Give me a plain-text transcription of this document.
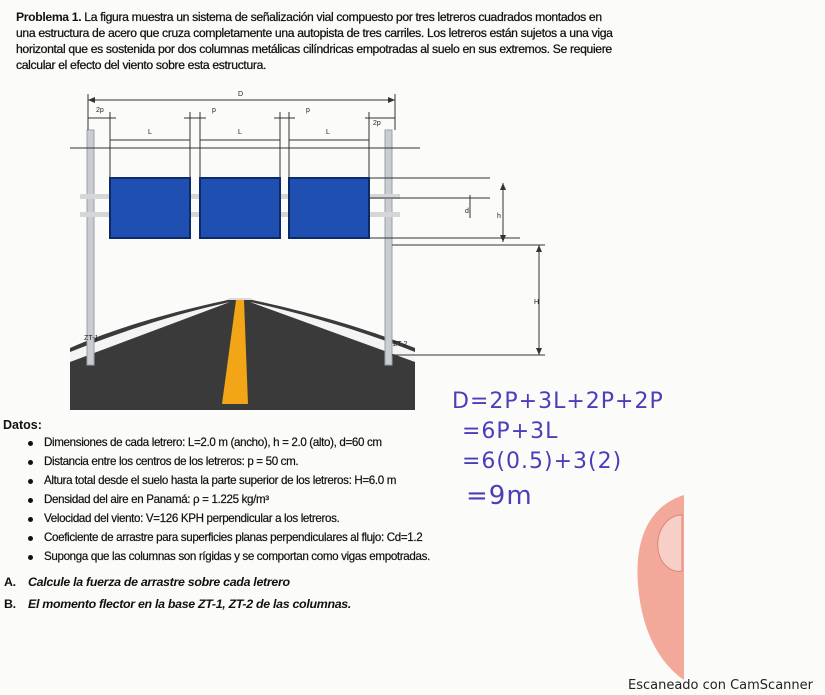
Problema 1. La figura muestra un sistema de señalización vial compuesto por tres letreros cuadrados montados en una estructura de acero que cruza completamente una autopista de tres carriles. Los letreros están sujetos a una viga horizontal que es sostenida por dos columnas metálicas cilíndricas empotradas al suelo en sus extremos. Se requiere calcular el efecto del viento sobre esta estructura.
D
2p	p	p
2p
L	L	L
d
h
H
ZT-1
ZT-2
Datos:
Dimensiones de cada letrero: L=2.0 m (ancho), h = 2.0 (alto), d=60 cm
Distancia entre los centros de los letreros: p = 50 cm.
Altura total desde el suelo hasta la parte superior de los letreros: H=6.0 m
Densidad del aire en Panamá: ρ = 1.225 kg/m³
Velocidad del viento: V=126 KPH perpendicular a los letreros.
Coeficiente de arrastre para superficies planas perpendiculares al flujo: Cd=1.2
Suponga que las columnas son rígidas y se comportan como vigas empotradas.
A. Calcule la fuerza de arrastre sobre cada letrero
B. El momento flector en la base ZT-1, ZT-2 de las columnas.
D=2P+3L+2P+2P
=6P+3L
=6(0.5)+3(2)
=9m
Escaneado con CamScanner
